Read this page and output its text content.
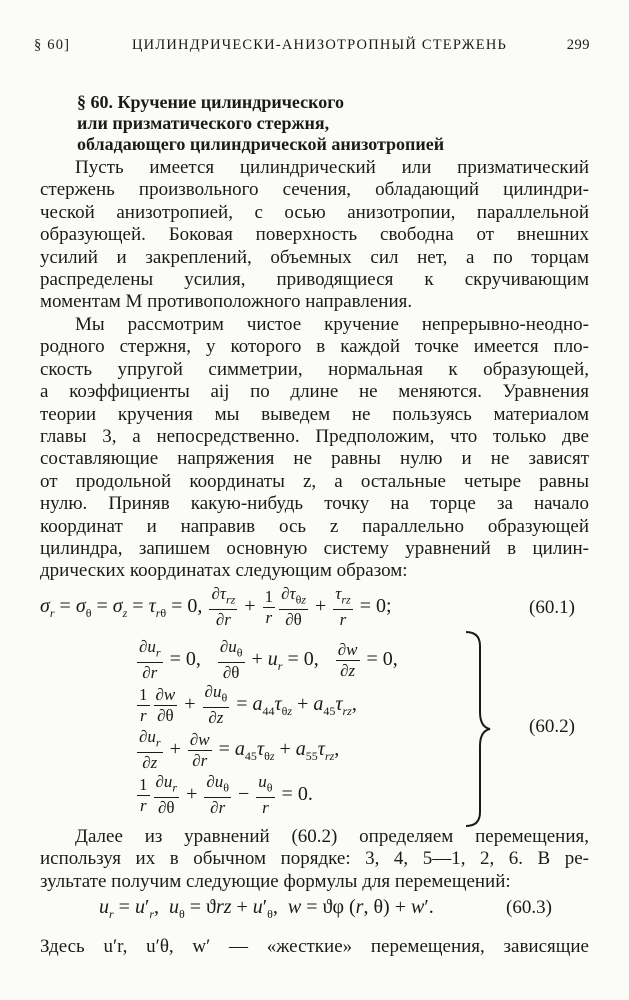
§ 60]	ЦИЛИНДРИЧЕСКИ-АНИЗОТРОПНЫЙ СТЕРЖЕНЬ	299
§ 60. Кручение цилиндрического
или призматического стержня,
обладающего цилиндрической анизотропией
Пусть имеется цилиндрический или призматический
стержень произвольного сечения, обладающий цилиндри-
ческой анизотропией, с осью анизотропии, параллельной
образующей. Боковая поверхность свободна от внешних
усилий и закреплений, объемных сил нет, а по торцам
распределены усилия, приводящиеся к скручивающим
моментам M противоположного направления.
Мы рассмотрим чистое кручение непрерывно-неодно-
родного стержня, у которого в каждой точке имеется пло-
скость упругой симметрии, нормальная к образующей,
а коэффициенты aij по длине не меняются. Уравнения
теории кручения мы выведем не пользуясь материалом
главы 3, а непосредственно. Предположим, что только две
составляющие напряжения не равны нулю и не зависят
от продольной координаты z, а остальные четыре равны
нулю. Приняв какую-нибудь точку на торце за начало
координат и направив ось z параллельно образующей
цилиндра, запишем основную систему уравнений в цилин-
дрических координатах следующим образом:
$\sigma_r = \sigma_\theta = \sigma_z = \tau_{r\theta} = 0$, $\frac{\partial\tau_{rz}}{\partial r} + \frac{1}{r} \frac{\partial\tau_{\theta z}}{\partial\theta} + \frac{\tau_{rz}}{r} = 0$;	(60.1)
$\frac{\partial u_r}{\partial r} = 0$, $\frac{\partial u_\theta}{\partial\theta} + u_r = 0$, $\frac{\partial w}{\partial z} = 0$,
$\frac{1}{r} \frac{\partial w}{\partial\theta} + \frac{\partial u_\theta}{\partial z} = a_{44}\tau_{\theta z} + a_{45}\tau_{rz}$,
$\frac{\partial u_r}{\partial z} + \frac{\partial w}{\partial r} = a_{45}\tau_{\theta z} + a_{55}\tau_{rz}$,
$\frac{1}{r} \frac{\partial u_r}{\partial\theta} + \frac{\partial u_\theta}{\partial r} - \frac{u_\theta}{r} = 0$.
(60.2)
Далее из уравнений (60.2) определяем перемещения,
используя их в обычном порядке: 3, 4, 5—1, 2, 6. В ре-
зультате получим следующие формулы для перемещений:
$u_r = u'_r$,  $u_\theta = ϑrz + u'_\theta$,  w = ϑφ (r, θ) + w′.	(60.3)
Здесь u′r, u′θ, w′ — «жесткие» перемещения, зависящие
